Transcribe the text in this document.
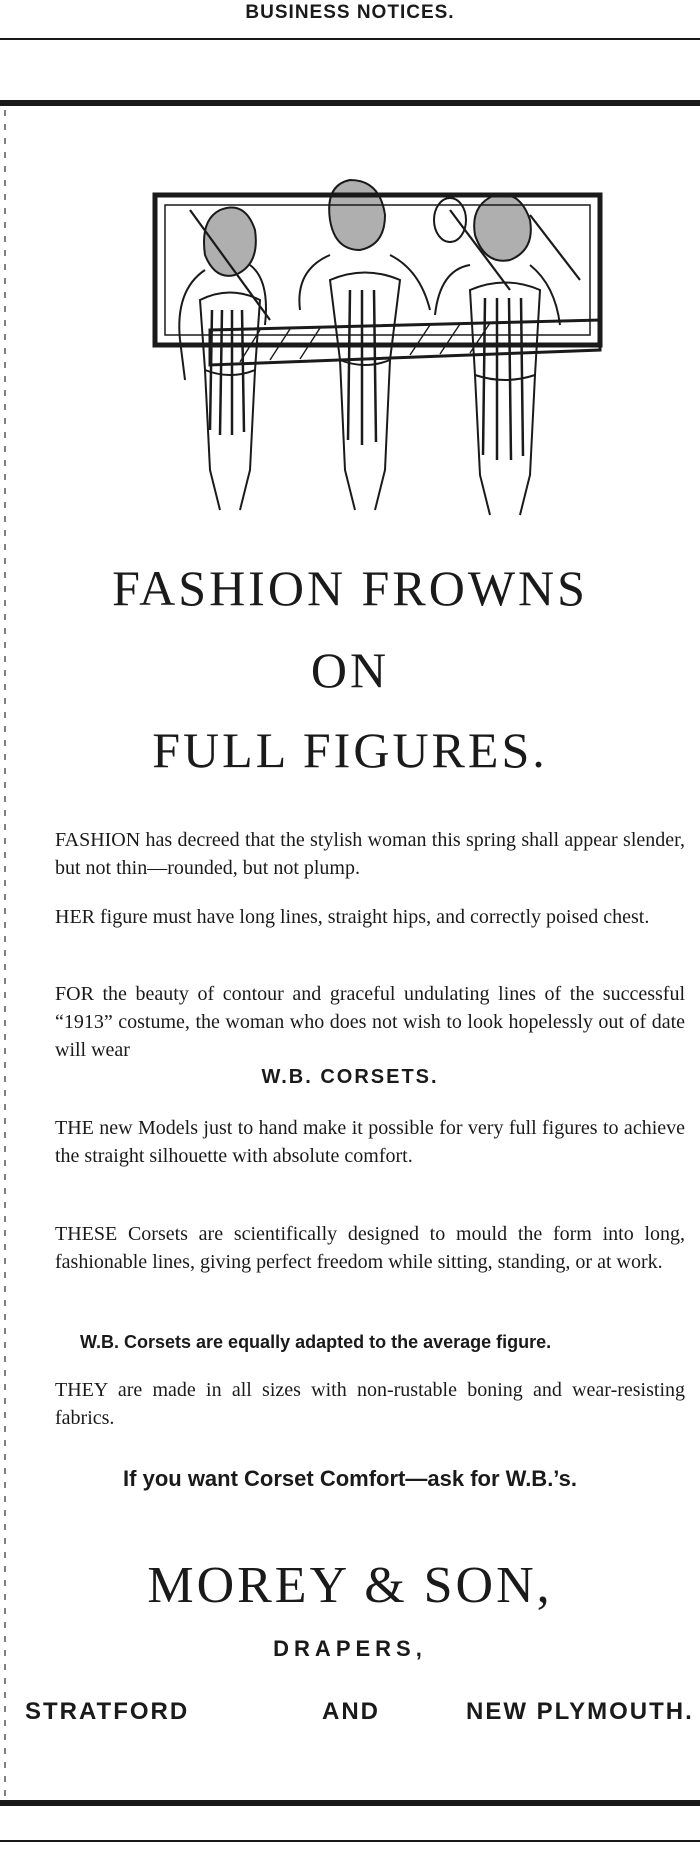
BUSINESS NOTICES.
FASHION FROWNS
ON
FULL FIGURES.
FASHION has decreed that the stylish woman this spring shall appear slender, but not thin—rounded, but not plump.
HER figure must have long lines, straight hips, and correctly poised chest.
FOR the beauty of contour and graceful undulating lines of the successful “1913” costume, the woman who does not wish to look hopelessly out of date will wear
W.B. CORSETS.
THE new Models just to hand make it possible for very full figures to achieve the straight silhouette with absolute comfort.
THESE Corsets are scientifically designed to mould the form into long, fashionable lines, giving perfect freedom while sitting, standing, or at work.
W.B. Corsets are equally adapted to the average figure.
THEY are made in all sizes with non-rustable boning and wear-resisting fabrics.
If you want Corset Comfort—ask for W.B.’s.
MOREY & SON,
DRAPERS,
STRATFORD	AND	NEW PLYMOUTH.
